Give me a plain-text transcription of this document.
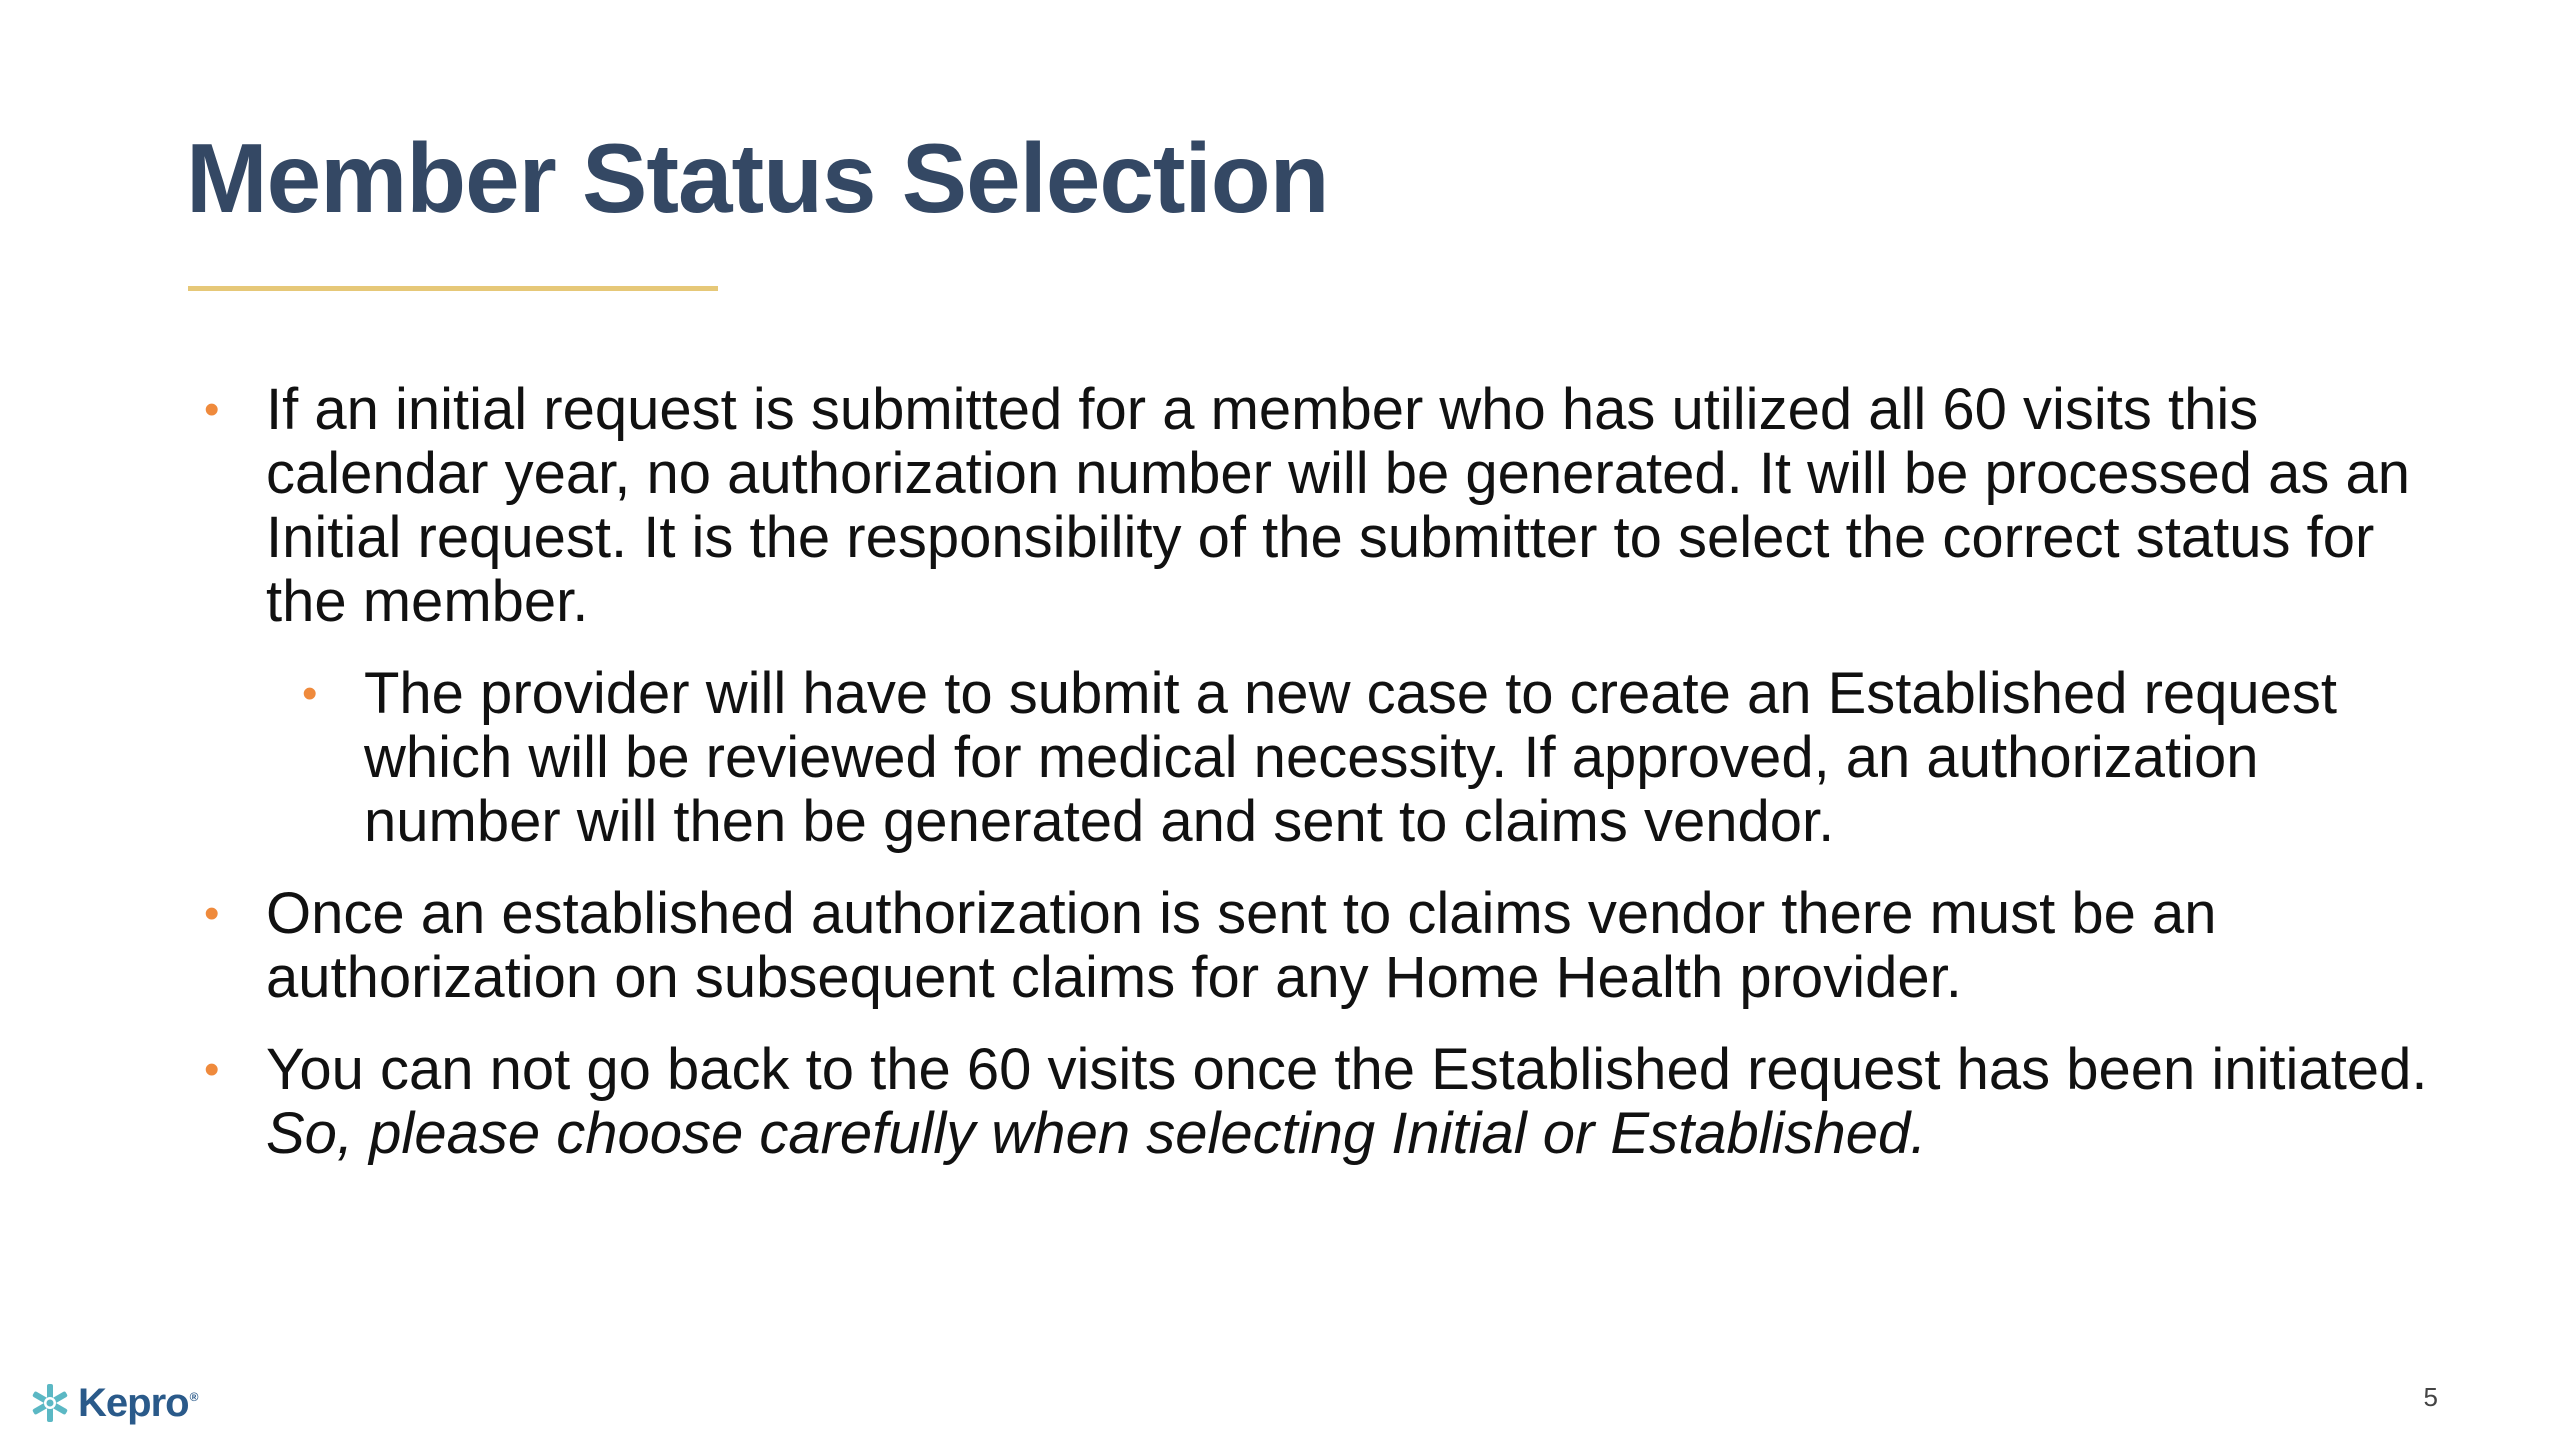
Member Status Selection
• If an initial request is submitted for a member who has utilized all 60 visits this calendar year, no authorization number will be generated. It will be processed as an Initial request. It is the responsibility of the submitter to select the correct status for the member.
• The provider will have to submit a new case to create an Established request which will be reviewed for medical necessity. If approved, an authorization number will then be generated and sent to claims vendor.
• Once an established authorization is sent to claims vendor there must be an authorization on subsequent claims for any Home Health provider.
• You can not go back to the 60 visits once the Established request has been initiated. So, please choose carefully when selecting Initial or Established.
Kepro®	5
